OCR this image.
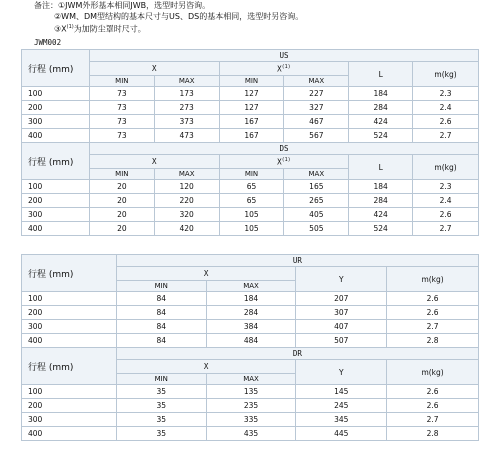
备注：①JWM外形基本相同JWB，选型时另咨询。
②WM、DM型结构的基本尺寸与US、DS的基本相同，选型时另咨询。
$③X^{(1)}$为加防尘罩时尺寸。
JWM002
行程 (mm)	US					
	X		$X^{(1)}$		L	m(kg)
	MIN	MAX	MIN	MAX		
100	73	173	127	227	184	2.3
200	73	273	127	327	284	2.4
300	73	373	167	467	424	2.6
400	73	473	167	567	524	2.7
行程 (mm)	DS					
	X		$X^{(1)}$		L	m(kg)
	MIN	MAX	MIN	MAX		
100	20	120	65	165	184	2.3
200	20	220	65	265	284	2.4
300	20	320	105	405	424	2.6
400	20	420	105	505	524	2.7
行程 (mm)	UR			
	X		Y	m(kg)
	MIN	MAX		
100	84	184	207	2.6
200	84	284	307	2.6
300	84	384	407	2.7
400	84	484	507	2.8
行程 (mm)	DR			
	X		Y	m(kg)
	MIN	MAX		
100	35	135	145	2.6
200	35	235	245	2.6
300	35	335	345	2.7
400	35	435	445	2.8
